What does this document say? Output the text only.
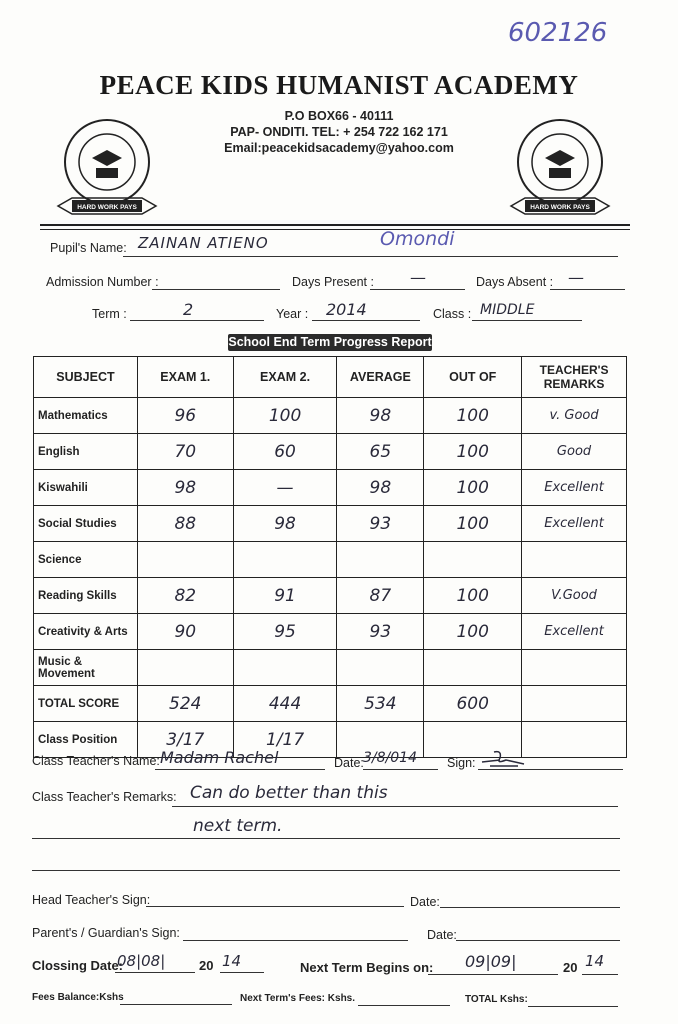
602126
PEACE KIDS HUMANIST ACADEMY
P.O BOX66 - 40111
PAP- ONDITI. TEL: + 254 722 162 171
Email:peacekidsacademy@yahoo.com
HARD WORK PAYS	HARD WORK PAYS
Pupil's Name: ZAINAN ATIENO	Omondi
Admission Number :	Days Present : —	Days Absent : —
Term :	2	Year : 2014	Class : MIDDLE
School End Term Progress Report
SUBJECT	EXAM 1.	EXAM 2.	AVERAGE	OUT OF	TEACHER'S REMARKS
Mathematics	96	100	98	100	v. Good
English	70	60	65	100	Good
Kiswahili	98	—	98	100	Excellent
Social Studies	88	98	93	100	Excellent
Science					
Reading Skills	82	91	87	100	V.Good
Creativity & Arts	90	95	93	100	Excellent
Music & Movement					
TOTAL SCORE	524	444	534	600	
Class Position	3/17	1/17			
Class Teacher's Name: Madam Rachel	Date: 3/8/014 Sign:
Class Teacher's Remarks: Can do better than this
next term.
Head Teacher's Sign:	Date:
Parent's / Guardian's Sign:	Date:
Clossing Date:
08|08|	20 14	Next Term Begins on: 09|09|	20 14
Fees Balance:Kshs	Next Term's Fees: Kshs.	TOTAL Kshs:
